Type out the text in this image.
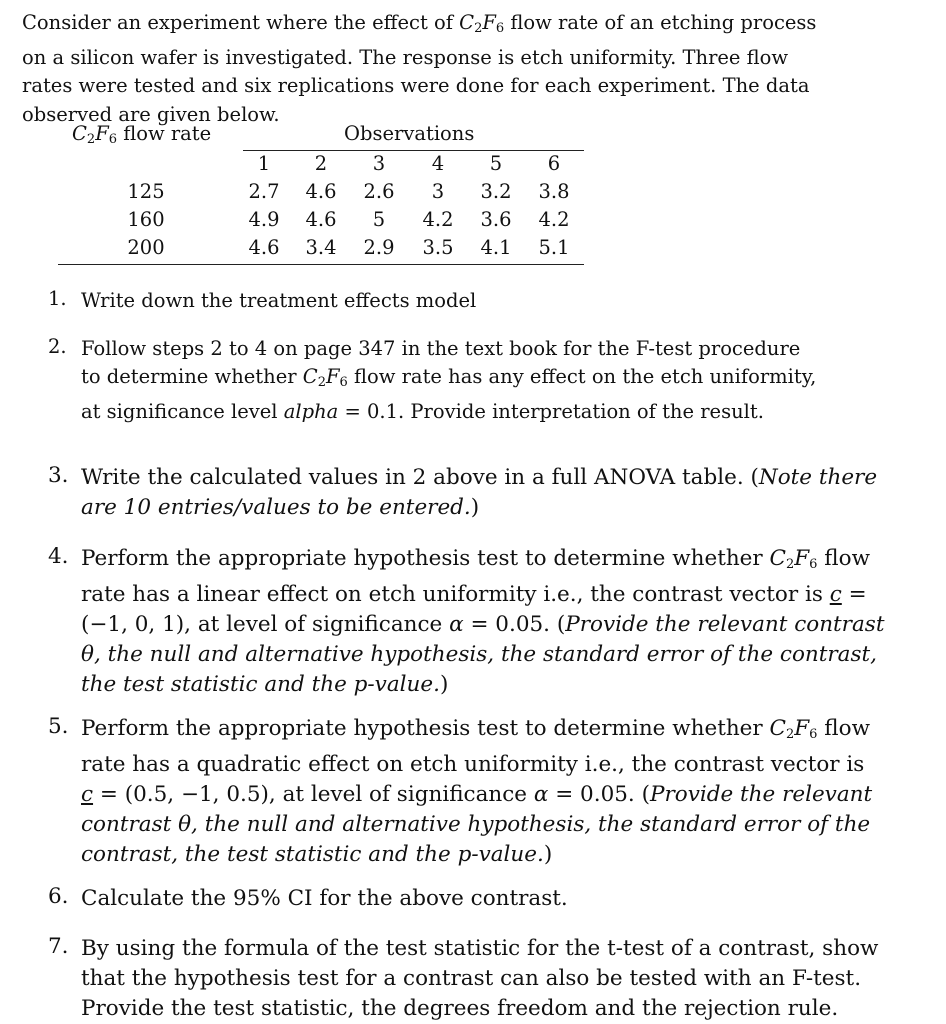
Consider an experiment where the effect of $C_2F_6$ flow rate of an etching process
on a silicon wafer is investigated. The response is etch uniformity. Three flow
rates were tested and six replications were done for each experiment. The data
observed are given below.
$C_2F_6$ flow rate	Observations
1	2	3	4	5	6
125	2.7	4.6	2.6	3	3.2	3.8
160	4.9	4.6	5	4.2	3.6	4.2
200	4.6	3.4	2.9	3.5	4.1	5.1
1. Write down the treatment effects model
2. Follow steps 2 to 4 on page 347 in the text book for the F-test procedure
to determine whether $C_2F_6$ flow rate has any effect on the etch uniformity,
at significance level alpha = 0.1. Provide interpretation of the result.
3. Write the calculated values in 2 above in a full ANOVA table. (Note there
are 10 entries/values to be entered.)
4. Perform the appropriate hypothesis test to determine whether $C_2F_6$ flow
rate has a linear effect on etch uniformity i.e., the contrast vector is c =
(−1, 0, 1), at level of significance α = 0.05. (Provide the relevant contrast
θ, the null and alternative hypothesis, the standard error of the contrast,
the test statistic and the p-value.)
5. Perform the appropriate hypothesis test to determine whether $C_2F_6$ flow
rate has a quadratic effect on etch uniformity i.e., the contrast vector is
c = (0.5, −1, 0.5), at level of significance α = 0.05. (Provide the relevant
contrast θ, the null and alternative hypothesis, the standard error of the
contrast, the test statistic and the p-value.)
6. Calculate the 95% CI for the above contrast.
7. By using the formula of the test statistic for the t-test of a contrast, show
that the hypothesis test for a contrast can also be tested with an F-test.
Provide the test statistic, the degrees freedom and the rejection rule.
